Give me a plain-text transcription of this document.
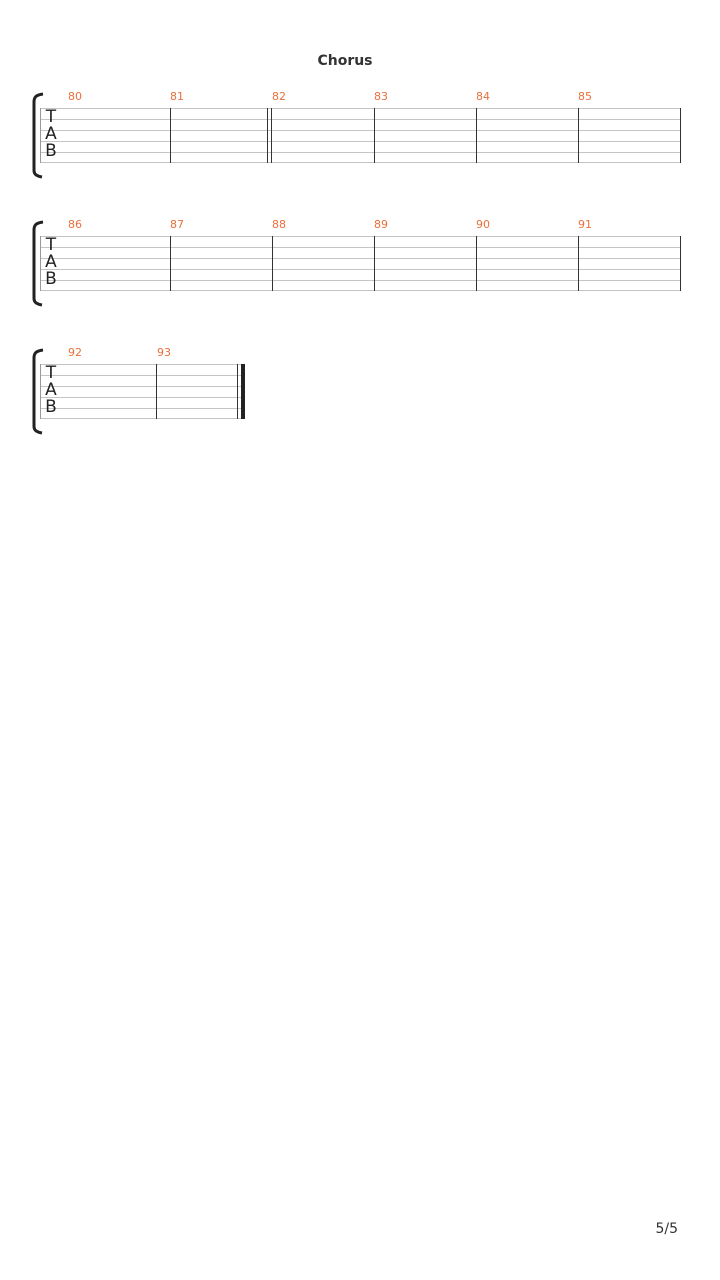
Chorus
T
A
B
80	81	82	83	84	85
T
A
B
86	87	88	89	90	91
T
A
B
92	93
5/5
